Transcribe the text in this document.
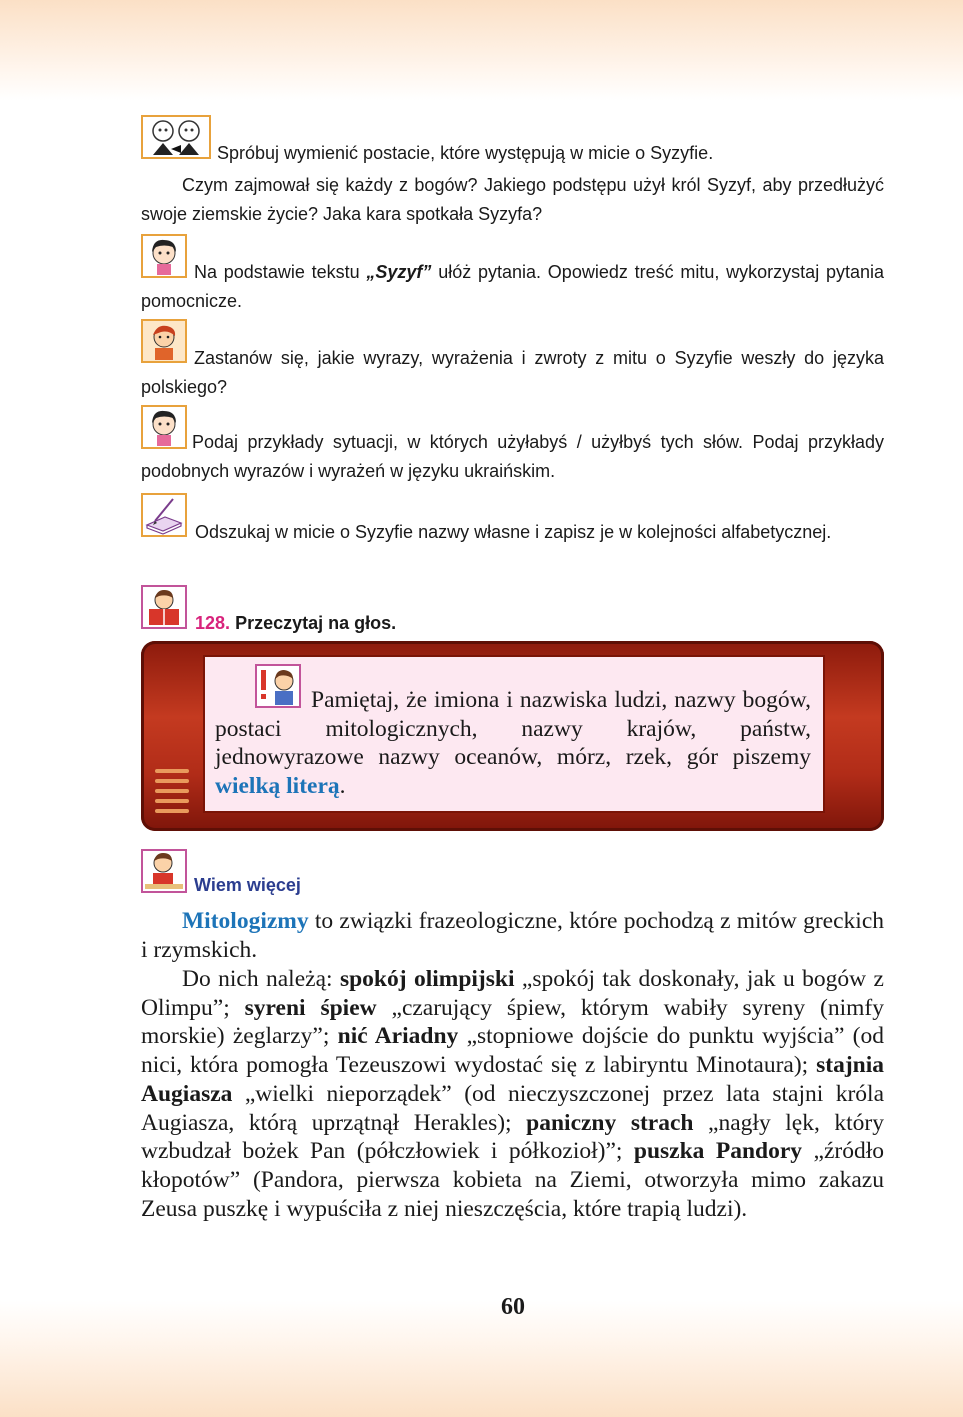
Spróbuj wymienić postacie, które występują w micie o Syzyfie.
Czym zajmował się każdy z bogów? Jakiego podstępu użył król Syzyf, aby przedłużyć swoje ziemskie życie? Jaka kara spotkała Syzyfa?
Na podstawie tekstu „Syzyf” ułóż pytania. Opowiedz treść mitu, wykorzystaj pytania pomocnicze.
Zastanów się, jakie wyrazy, wyrażenia i zwroty z mitu o Syzyfie weszły do języka polskiego?
Podaj przykłady sytuacji, w których użyłabyś / użyłbyś tych słów. Podaj przykłady podobnych wyrazów i wyrażeń w języku ukraińskim.
Odszukaj w micie o Syzyfie nazwy własne i zapisz je w kolejności alfabetycznej.
128. Przeczytaj na głos.
Pamiętaj, że imiona i nazwiska ludzi, nazwy bogów, postaci mitologicznych, nazwy krajów, państw, jednowyrazowe nazwy oceanów, mórz, rzek, gór piszemy wielką literą.
Wiem więcej
Mitologizmy to związki frazeologiczne, które pochodzą z mitów greckich i rzymskich.
Do nich należą: spokój olimpijski „spokój tak doskonały, jak u bogów z Olimpu”; syreni śpiew „czarujący śpiew, którym wabiły syreny (nimfy morskie) żeglarzy”; nić Ariadny „stopniowe dojście do punktu wyjścia” (od nici, która pomogła Tezeuszowi wydostać się z labiryntu Minotaura); stajnia Augiasza „wielki nieporządek” (od nieczyszczonej przez lata stajni króla Augiasza, którą uprzątnął Herakles); paniczny strach „nagły lęk, który wzbudzał bożek Pan (półczłowiek i półkozioł)”; puszka Pandory „źródło kłopotów” (Pandora, pierwsza kobieta na Ziemi, otworzyła mimo zakazu Zeusa puszkę i wypuściła z niej nieszczęścia, które trapią ludzi).
60
